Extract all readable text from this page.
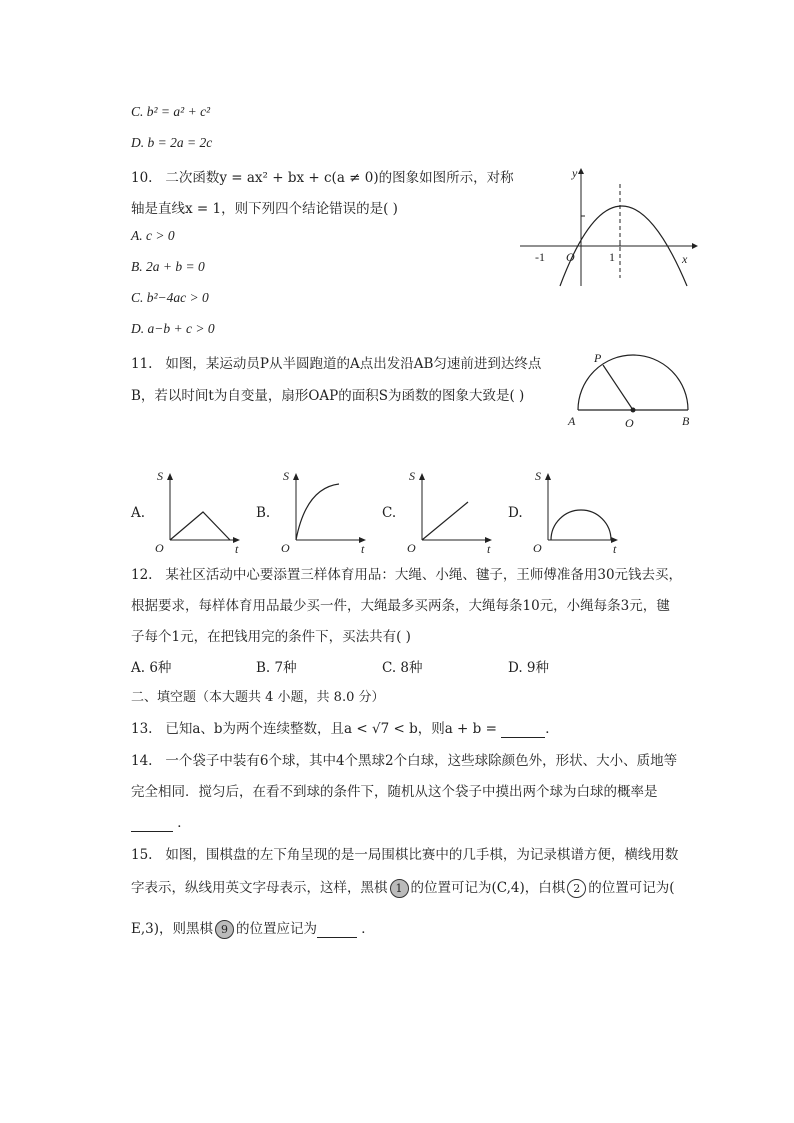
C. b² = a² + c²
D. b = 2a = 2c
10. 二次函数y = ax² + bx + c(a ≠ 0)的图象如图所示，对称
轴是直线x = 1，则下列四个结论错误的是( )
A. c > 0
B. 2a + b = 0
C. b²−4ac > 0
D. a−b + c > 0
y
x
-1 O	1
11. 如图，某运动员P从半圆跑道的A点出发沿AB匀速前进到达终点
B，若以时间t为自变量，扇形OAP的面积S为函数的图象大致是( )
P
A	O	B
A.
S
O	t
B.
S
O	t
C.
S
O	t
D.
S
O	t
12. 某社区活动中心要添置三样体育用品：大绳、小绳、毽子，王师傅准备用30元钱去买，
根据要求，每样体育用品最少买一件，大绳最多买两条，大绳每条10元，小绳每条3元，毽
子每个1元，在把钱用完的条件下，买法共有( )
A. 6种	B. 7种	C. 8种	D. 9种
二、填空题（本大题共 4 小题，共 8.0 分）
13. 已知a、b为两个连续整数，且a < √7 < b，则a + b =	．
14. 一个袋子中装有6个球，其中4个黑球2个白球，这些球除颜色外，形状、大小、质地等
完全相同．搅匀后，在看不到球的条件下，随机从这个袋子中摸出两个球为白球的概率是
．
15. 如图，围棋盘的左下角呈现的是一局围棋比赛中的几手棋，为记录棋谱方便，横线用数
字表示，纵线用英文字母表示，这样，黑棋 1 的位置可记为(C,4)，白棋 2 的位置可记为(
E,3)，则黑棋 9 的位置应记为	．
